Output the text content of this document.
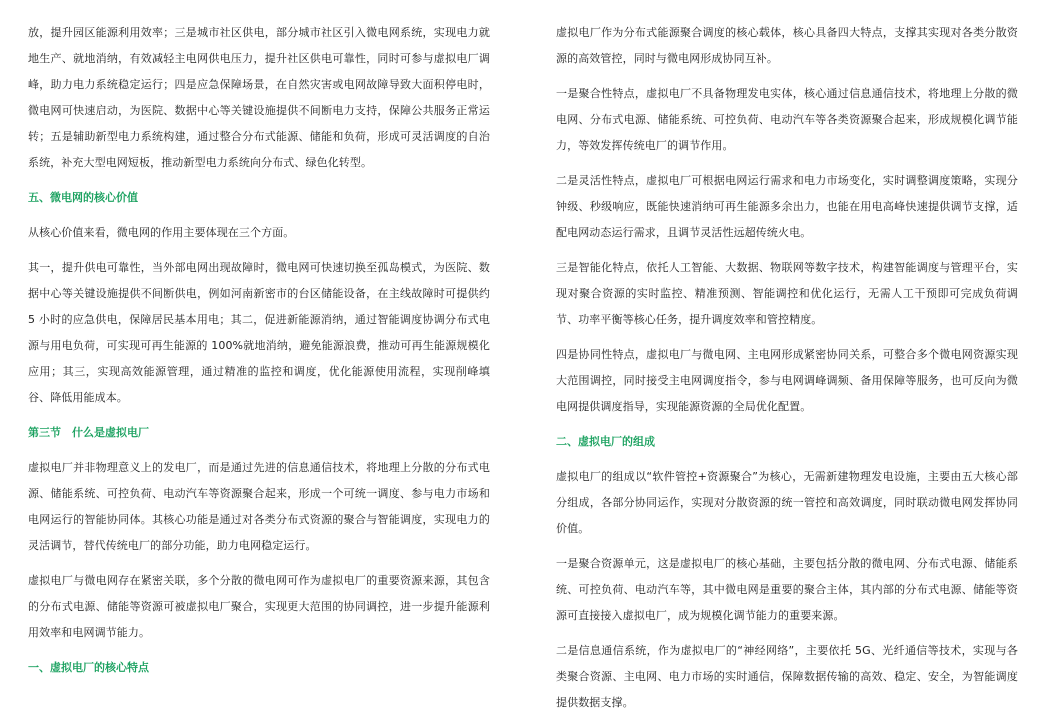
放，提升园区能源利用效率；三是城市社区供电，部分城市社区引入微电网系统，实现电力就地生产、就地消纳，有效减轻主电网供电压力，提升社区供电可靠性，同时可参与虚拟电厂调峰，助力电力系统稳定运行；四是应急保障场景，在自然灾害或电网故障导致大面积停电时，微电网可快速启动，为医院、数据中心等关键设施提供不间断电力支持，保障公共服务正常运转；五是辅助新型电力系统构建，通过整合分布式能源、储能和负荷，形成可灵活调度的自治系统，补充大型电网短板，推动新型电力系统向分布式、绿色化转型。

五、微电网的核心价值

从核心价值来看，微电网的作用主要体现在三个方面。

其一，提升供电可靠性，当外部电网出现故障时，微电网可快速切换至孤岛模式，为医院、数据中心等关键设施提供不间断供电，例如河南新密市的台区储能设备，在主线故障时可提供约 5 小时的应急供电，保障居民基本用电；其二，促进新能源消纳，通过智能调度协调分布式电源与用电负荷，可实现可再生能源的 100%就地消纳，避免能源浪费，推动可再生能源规模化应用；其三，实现高效能源管理，通过精准的监控和调度，优化能源使用流程，实现削峰填谷、降低用能成本。

第三节　什么是虚拟电厂

虚拟电厂并非物理意义上的发电厂，而是通过先进的信息通信技术，将地理上分散的分布式电源、储能系统、可控负荷、电动汽车等资源聚合起来，形成一个可统一调度、参与电力市场和电网运行的智能协同体。其核心功能是通过对各类分布式资源的聚合与智能调度，实现电力的灵活调节，替代传统电厂的部分功能，助力电网稳定运行。

虚拟电厂与微电网存在紧密关联，多个分散的微电网可作为虚拟电厂的重要资源来源，其包含的分布式电源、储能等资源可被虚拟电厂聚合，实现更大范围的协同调控，进一步提升能源利用效率和电网调节能力。

一、虚拟电厂的核心特点

虚拟电厂作为分布式能源聚合调度的核心载体，核心具备四大特点，支撑其实现对各类分散资源的高效管控，同时与微电网形成协同互补。

一是聚合性特点，虚拟电厂不具备物理发电实体，核心通过信息通信技术，将地理上分散的微电网、分布式电源、储能系统、可控负荷、电动汽车等各类资源聚合起来，形成规模化调节能力，等效发挥传统电厂的调节作用。

二是灵活性特点，虚拟电厂可根据电网运行需求和电力市场变化，实时调整调度策略，实现分钟级、秒级响应，既能快速消纳可再生能源多余出力，也能在用电高峰快速提供调节支撑，适配电网动态运行需求，且调节灵活性远超传统火电。

三是智能化特点，依托人工智能、大数据、物联网等数字技术，构建智能调度与管理平台，实现对聚合资源的实时监控、精准预测、智能调控和优化运行，无需人工干预即可完成负荷调节、功率平衡等核心任务，提升调度效率和管控精度。

四是协同性特点，虚拟电厂与微电网、主电网形成紧密协同关系，可整合多个微电网资源实现大范围调控，同时接受主电网调度指令，参与电网调峰调频、备用保障等服务，也可反向为微电网提供调度指导，实现能源资源的全局优化配置。

二、虚拟电厂的组成

虚拟电厂的组成以“软件管控+资源聚合”为核心，无需新建物理发电设施，主要由五大核心部分组成，各部分协同运作，实现对分散资源的统一管控和高效调度，同时联动微电网发挥协同价值。

一是聚合资源单元，这是虚拟电厂的核心基础，主要包括分散的微电网、分布式电源、储能系统、可控负荷、电动汽车等，其中微电网是重要的聚合主体，其内部的分布式电源、储能等资源可直接接入虚拟电厂，成为规模化调节能力的重要来源。

二是信息通信系统，作为虚拟电厂的“神经网络”，主要依托 5G、光纤通信等技术，实现与各类聚合资源、主电网、电力市场的实时通信，保障数据传输的高效、稳定、安全，为智能调度提供数据支撑。
